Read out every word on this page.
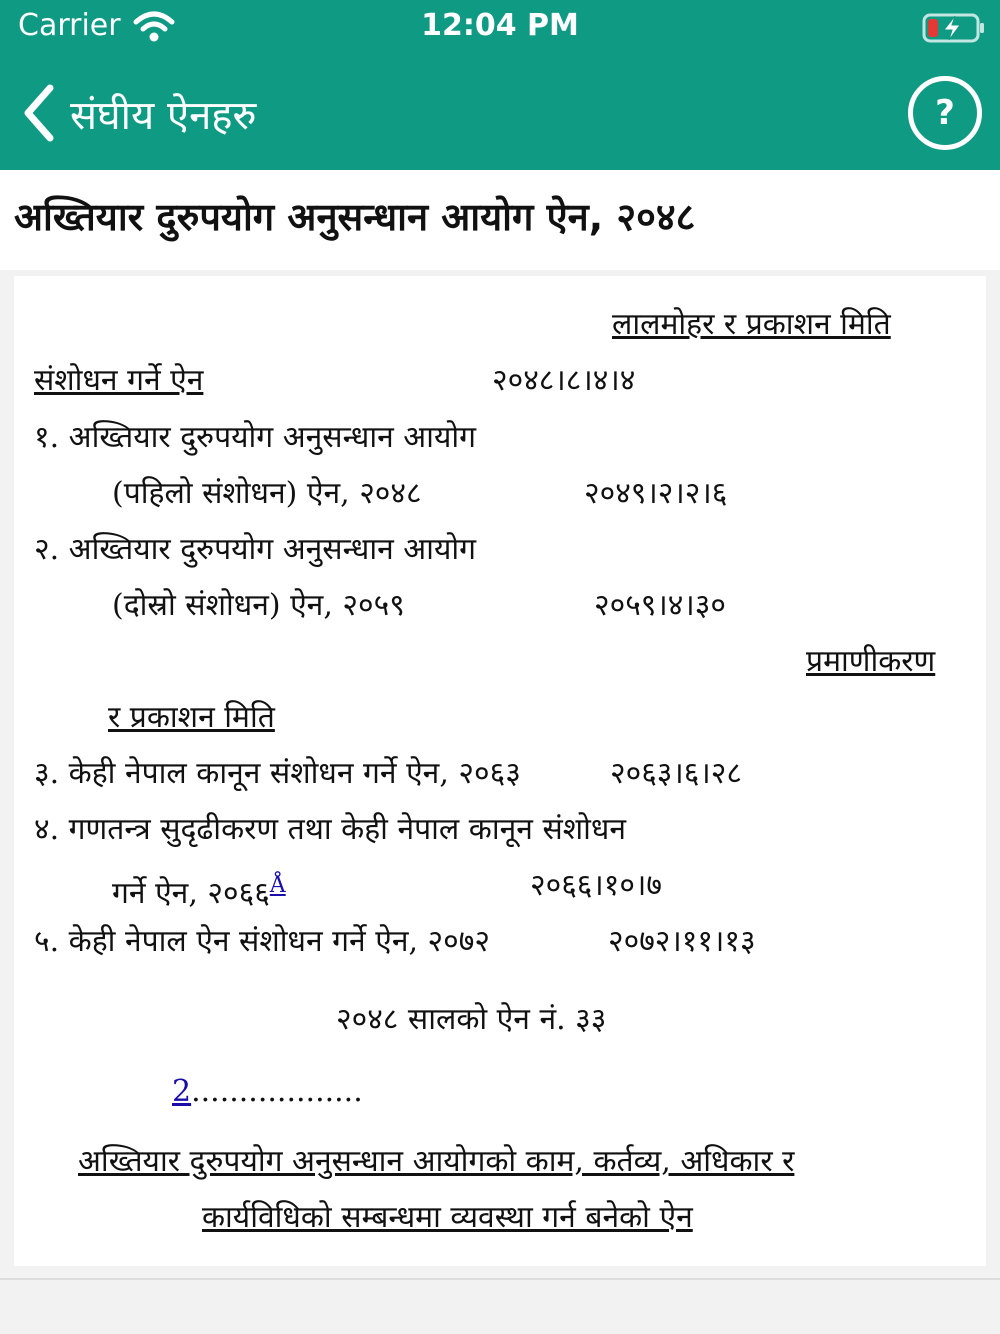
Carrier	12:04 PM
संघीय ऐनहरु	?
अख्तियार दुरुपयोग अनुसन्धान आयोग ऐन, २०४८
लालमोहर र प्रकाशन मिति
संशोधन गर्ने ऐन	२०४८।८।४।४
१. अख्तियार दुरुपयोग अनुसन्धान आयोग
(पहिलो संशोधन) ऐन, २०४८	२०४९।२।२।६
२. अख्तियार दुरुपयोग अनुसन्धान आयोग
(दोस्रो संशोधन) ऐन, २०५९	२०५९।४।३०
प्रमाणीकरण
र प्रकाशन मिति
३. केही नेपाल कानून संशोधन गर्ने ऐन, २०६३	२०६३।६।२८
४. गणतन्त्र सुदृढीकरण तथा केही नेपाल कानून संशोधन
गर्ने ऐन, $२०६६^Å$	२०६६।१०।७
५. केही नेपाल ऐन संशोधन गर्ने ऐन, २०७२	२०७२।११।१३
२०४८ सालको ऐन नं. ३३
2..................
अख्तियार दुरुपयोग अनुसन्धान आयोगको काम, कर्तव्य, अधिकार र
कार्यविधिको सम्बन्धमा व्यवस्था गर्न बनेको ऐन
